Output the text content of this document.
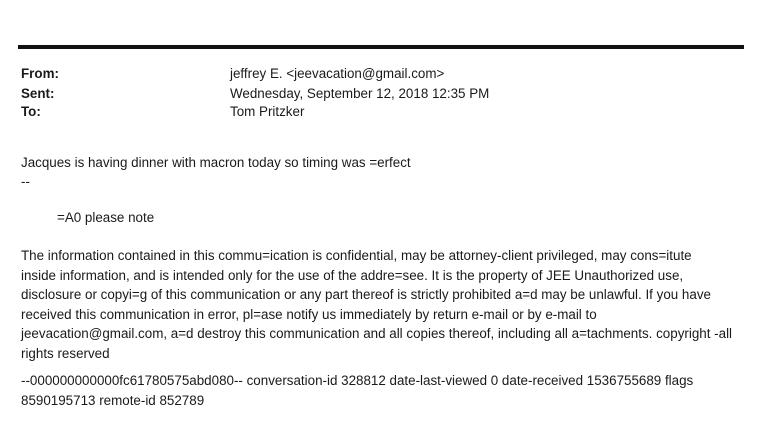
From:	jeffrey E. <jeevacation@gmail.com>
Sent:	Wednesday, September 12, 2018 12:35 PM
To:	Tom Pritzker
Jacques is having dinner with macron today so timing was =erfect
--
=A0 please note
The information contained in this commu=ication is confidential, may be attorney-client privileged, may cons=itute
inside information, and is intended only for the use of the addre=see. It is the property of JEE Unauthorized use,
disclosure or copyi=g of this communication or any part thereof is strictly prohibited a=d may be unlawful. If you have
received this communication in error, pl=ase notify us immediately by return e-mail or by e-mail to
jeevacation@gmail.com, a=d destroy this communication and all copies thereof, including all a=tachments. copyright -all
rights reserved
--000000000000fc61780575abd080-- conversation-id 328812 date-last-viewed 0 date-received 1536755689 flags
8590195713 remote-id 852789
